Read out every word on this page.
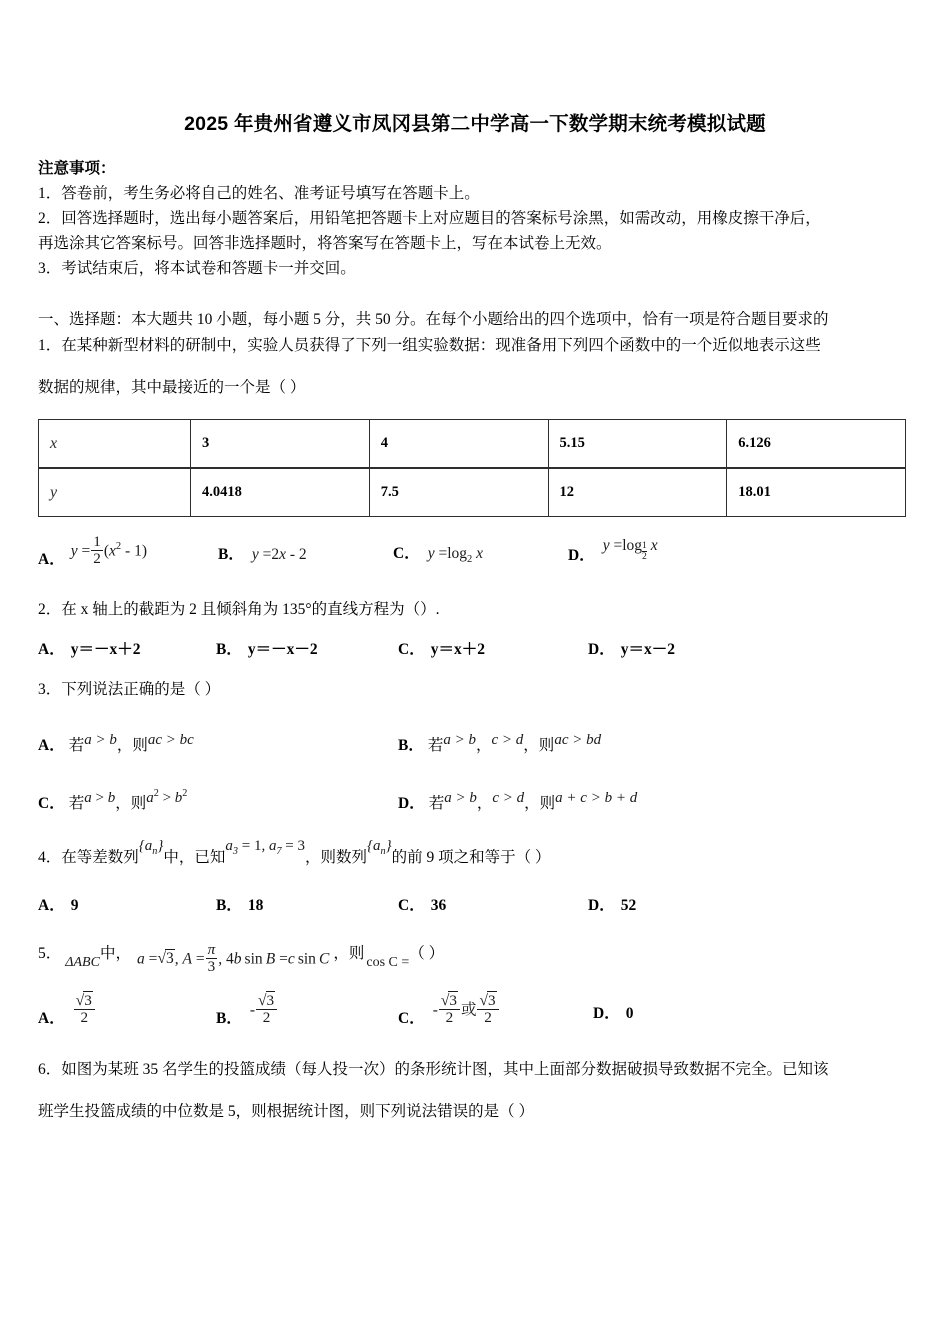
2025 年贵州省遵义市凤冈县第二中学高一下数学期末统考模拟试题
注意事项：
1．答卷前，考生务必将自己的姓名、准考证号填写在答题卡上。
2．回答选择题时，选出每小题答案后，用铅笔把答题卡上对应题目的答案标号涂黑，如需改动，用橡皮擦干净后，
再选涂其它答案标号。回答非选择题时，将答案写在答题卡上，写在本试卷上无效。
3．考试结束后，将本试卷和答题卡一并交回。
一、选择题：本大题共 10 小题，每小题 5 分，共 50 分。在每个小题给出的四个选项中，恰有一项是符合题目要求的
1．在某种新型材料的研制中，实验人员获得了下列一组实验数据：现准备用下列四个函数中的一个近似地表示这些
数据的规律，其中最接近的一个是（ ）
x	3	4	5.15	6.126
y	4.0418	7.5	12	18.01
A．
$y = \frac{1}{2} (x^2 - 1)$	B． y =2x - 2	C． $y =\log_2$ x	D．
$y =\log \frac{1}{2}$ x
2．在 x 轴上的截距为 2 且倾斜角为 135°的直线方程为（）.
A． y＝－x＋2	B． y＝－x－2	C． y＝x＋2	D． y＝x－2
3．下列说法正确的是（ ）
A． 若 a > b ， 则 ac > bc	B． 若 a > b ， c > d ， 则 ac > bd
C． 若 a > b ， 则 $a^2 > b^2$
D． 若 a > b ， c > d ， 则 a + c > b + d
4． 在等差数列
$\{a_n\}$
中，已知
$a_3 = 1$, $a_7 = 3$
，则数列
$\{a_n\}$
的前 9 项之和等于（ ）
A． 9	B． 18	C． 36	D． 52
5．
ΔABC
中， a =√3, $A = \frac{\pi}{3}$ , 4b sin B =c sin C ，则
cos C =
（ ）
A． $\frac{√3}{2}$	B．
- $\frac{√3}{2}$	C．
- $\frac{√3}{2}$ 或 $\frac{√3}{2}$	D． 0
6．如图为某班 35 名学生的投篮成绩（每人投一次）的条形统计图，其中上面部分数据破损导致数据不完全。已知该
班学生投篮成绩的中位数是 5，则根据统计图，则下列说法错误的是（ ）
